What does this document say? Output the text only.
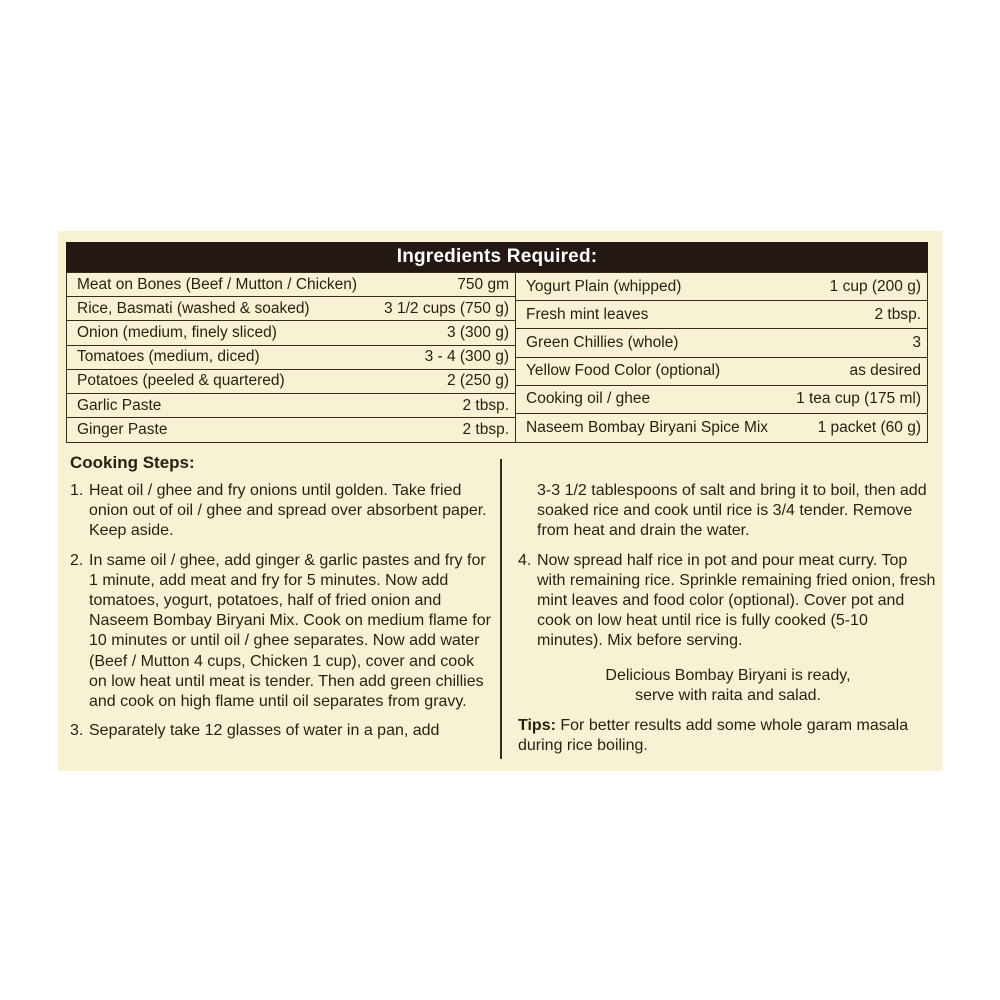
Ingredients Required:
Meat on Bones (Beef / Mutton / Chicken)	750 gm
Rice, Basmati (washed & soaked)	3 1/2 cups (750 g)
Onion (medium, finely sliced)	3 (300 g)
Tomatoes (medium, diced)	3 - 4 (300 g)
Potatoes (peeled & quartered)	2 (250 g)
Garlic Paste	2 tbsp.
Ginger Paste	2 tbsp.
Yogurt Plain (whipped)	1 cup (200 g)
Fresh mint leaves	2 tbsp.
Green Chillies (whole)	3
Yellow Food Color (optional)	as desired
Cooking oil / ghee	1 tea cup (175 ml)
Naseem Bombay Biryani Spice Mix	1 packet (60 g)
Cooking Steps:
1. Heat oil / ghee and fry onions until golden. Take fried onion out of oil / ghee and spread over absorbent paper. Keep aside.
2. In same oil / ghee, add ginger & garlic pastes and fry for 1 minute, add meat and fry for 5 minutes. Now add tomatoes, yogurt, potatoes, half of fried onion and Naseem Bombay Biryani Mix. Cook on medium flame for 10 minutes or until oil / ghee separates. Now add water (Beef / Mutton 4 cups, Chicken 1 cup), cover and cook on low heat until meat is tender. Then add green chillies and cook on high flame until oil separates from gravy.
3. Separately take 12 glasses of water in a pan, add
3-3 1/2 tablespoons of salt and bring it to boil, then add soaked rice and cook until rice is 3/4 tender. Remove from heat and drain the water.
4. Now spread half rice in pot and pour meat curry. Top with remaining rice. Sprinkle remaining fried onion, fresh mint leaves and food color (optional). Cover pot and cook on low heat until rice is fully cooked (5-10 minutes). Mix before serving.
Delicious Bombay Biryani is ready,
serve with raita and salad.
Tips: For better results add some whole garam masala during rice boiling.
